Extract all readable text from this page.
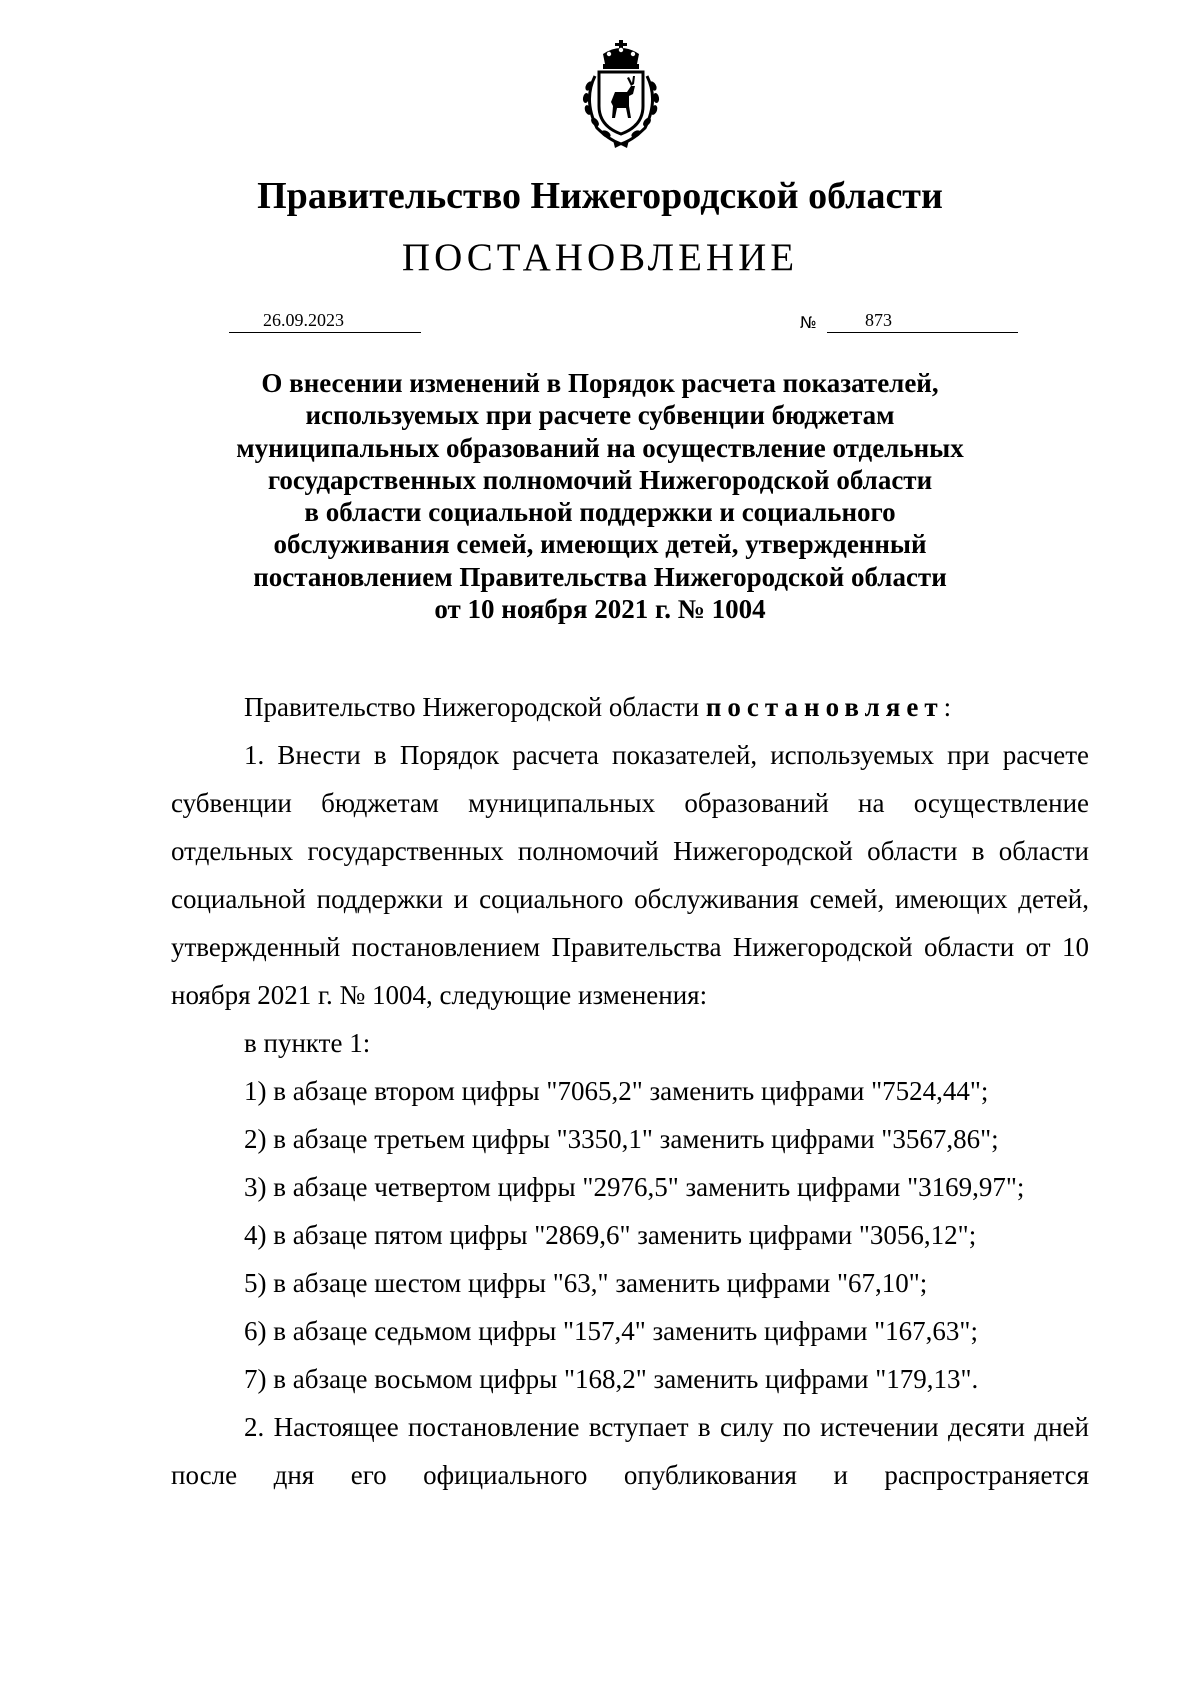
Правительство Нижегородской области
ПОСТАНОВЛЕНИЕ
26.09.2023	№	873
О внесении изменений в Порядок расчета показателей,
используемых при расчете субвенции бюджетам
муниципальных образований на осуществление отдельных
государственных полномочий Нижегородской области
в области социальной поддержки и социального
обслуживания семей, имеющих детей, утвержденный
постановлением Правительства Нижегородской области
от 10 ноября 2021 г. № 1004

Правительство Нижегородской области постановляет:

1. Внести в Порядок расчета показателей, используемых при расчете субвенции бюджетам муниципальных образований на осуществление отдельных государственных полномочий Нижегородской области в области социальной поддержки и социального обслуживания семей, имеющих детей, утвержденный постановлением Правительства Нижегородской области от 10 ноября 2021 г. № 1004, следующие изменения:

в пункте 1:

1) в абзаце втором цифры "7065,2" заменить цифрами "7524,44";

2) в абзаце третьем цифры "3350,1" заменить цифрами "3567,86";

3) в абзаце четвертом цифры "2976,5" заменить цифрами "3169,97";

4) в абзаце пятом цифры "2869,6" заменить цифрами "3056,12";

5) в абзаце шестом цифры "63," заменить цифрами "67,10";

6) в абзаце седьмом цифры "157,4" заменить цифрами "167,63";

7) в абзаце восьмом цифры "168,2" заменить цифрами "179,13".

2. Настоящее постановление вступает в силу по истечении десяти дней после дня его официального опубликования и распространяется
